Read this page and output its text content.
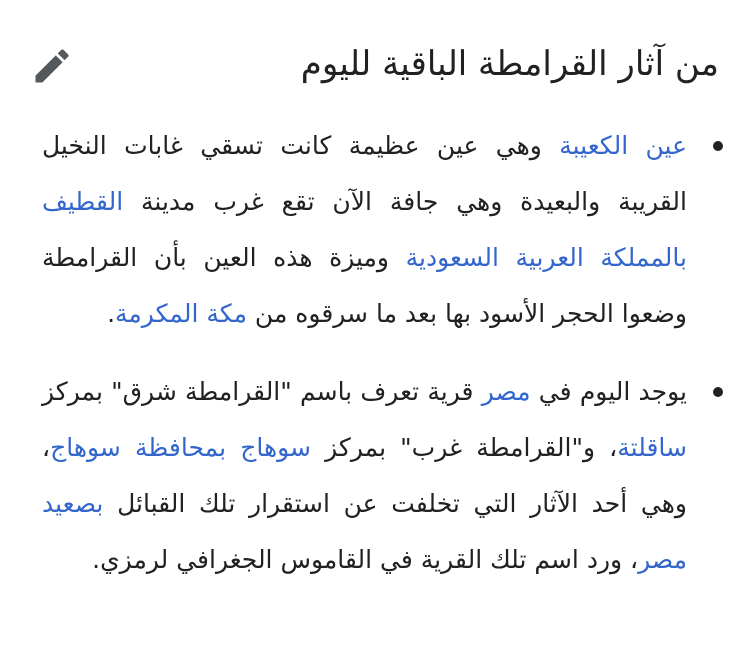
من آثار القرامطة الباقية لليوم
عين الكعيبة وهي عين عظيمة كانت تسقي غابات النخيل القريبة والبعيدة وهي جافة الآن تقع غرب مدينة القطيف بالمملكة العربية السعودية وميزة هذه العين بأن القرامطة وضعوا الحجر الأسود بها بعد ما سرقوه من مكة المكرمة.
يوجد اليوم في مصر قرية تعرف باسم "القرامطة شرق" بمركز ساقلتة، و"القرامطة غرب" بمركز سوهاج بمحافظة سوهاج، وهي أحد الآثار التي تخلفت عن استقرار تلك القبائل بصعيد مصر، ورد اسم تلك القرية في القاموس الجغرافي لرمزي.
